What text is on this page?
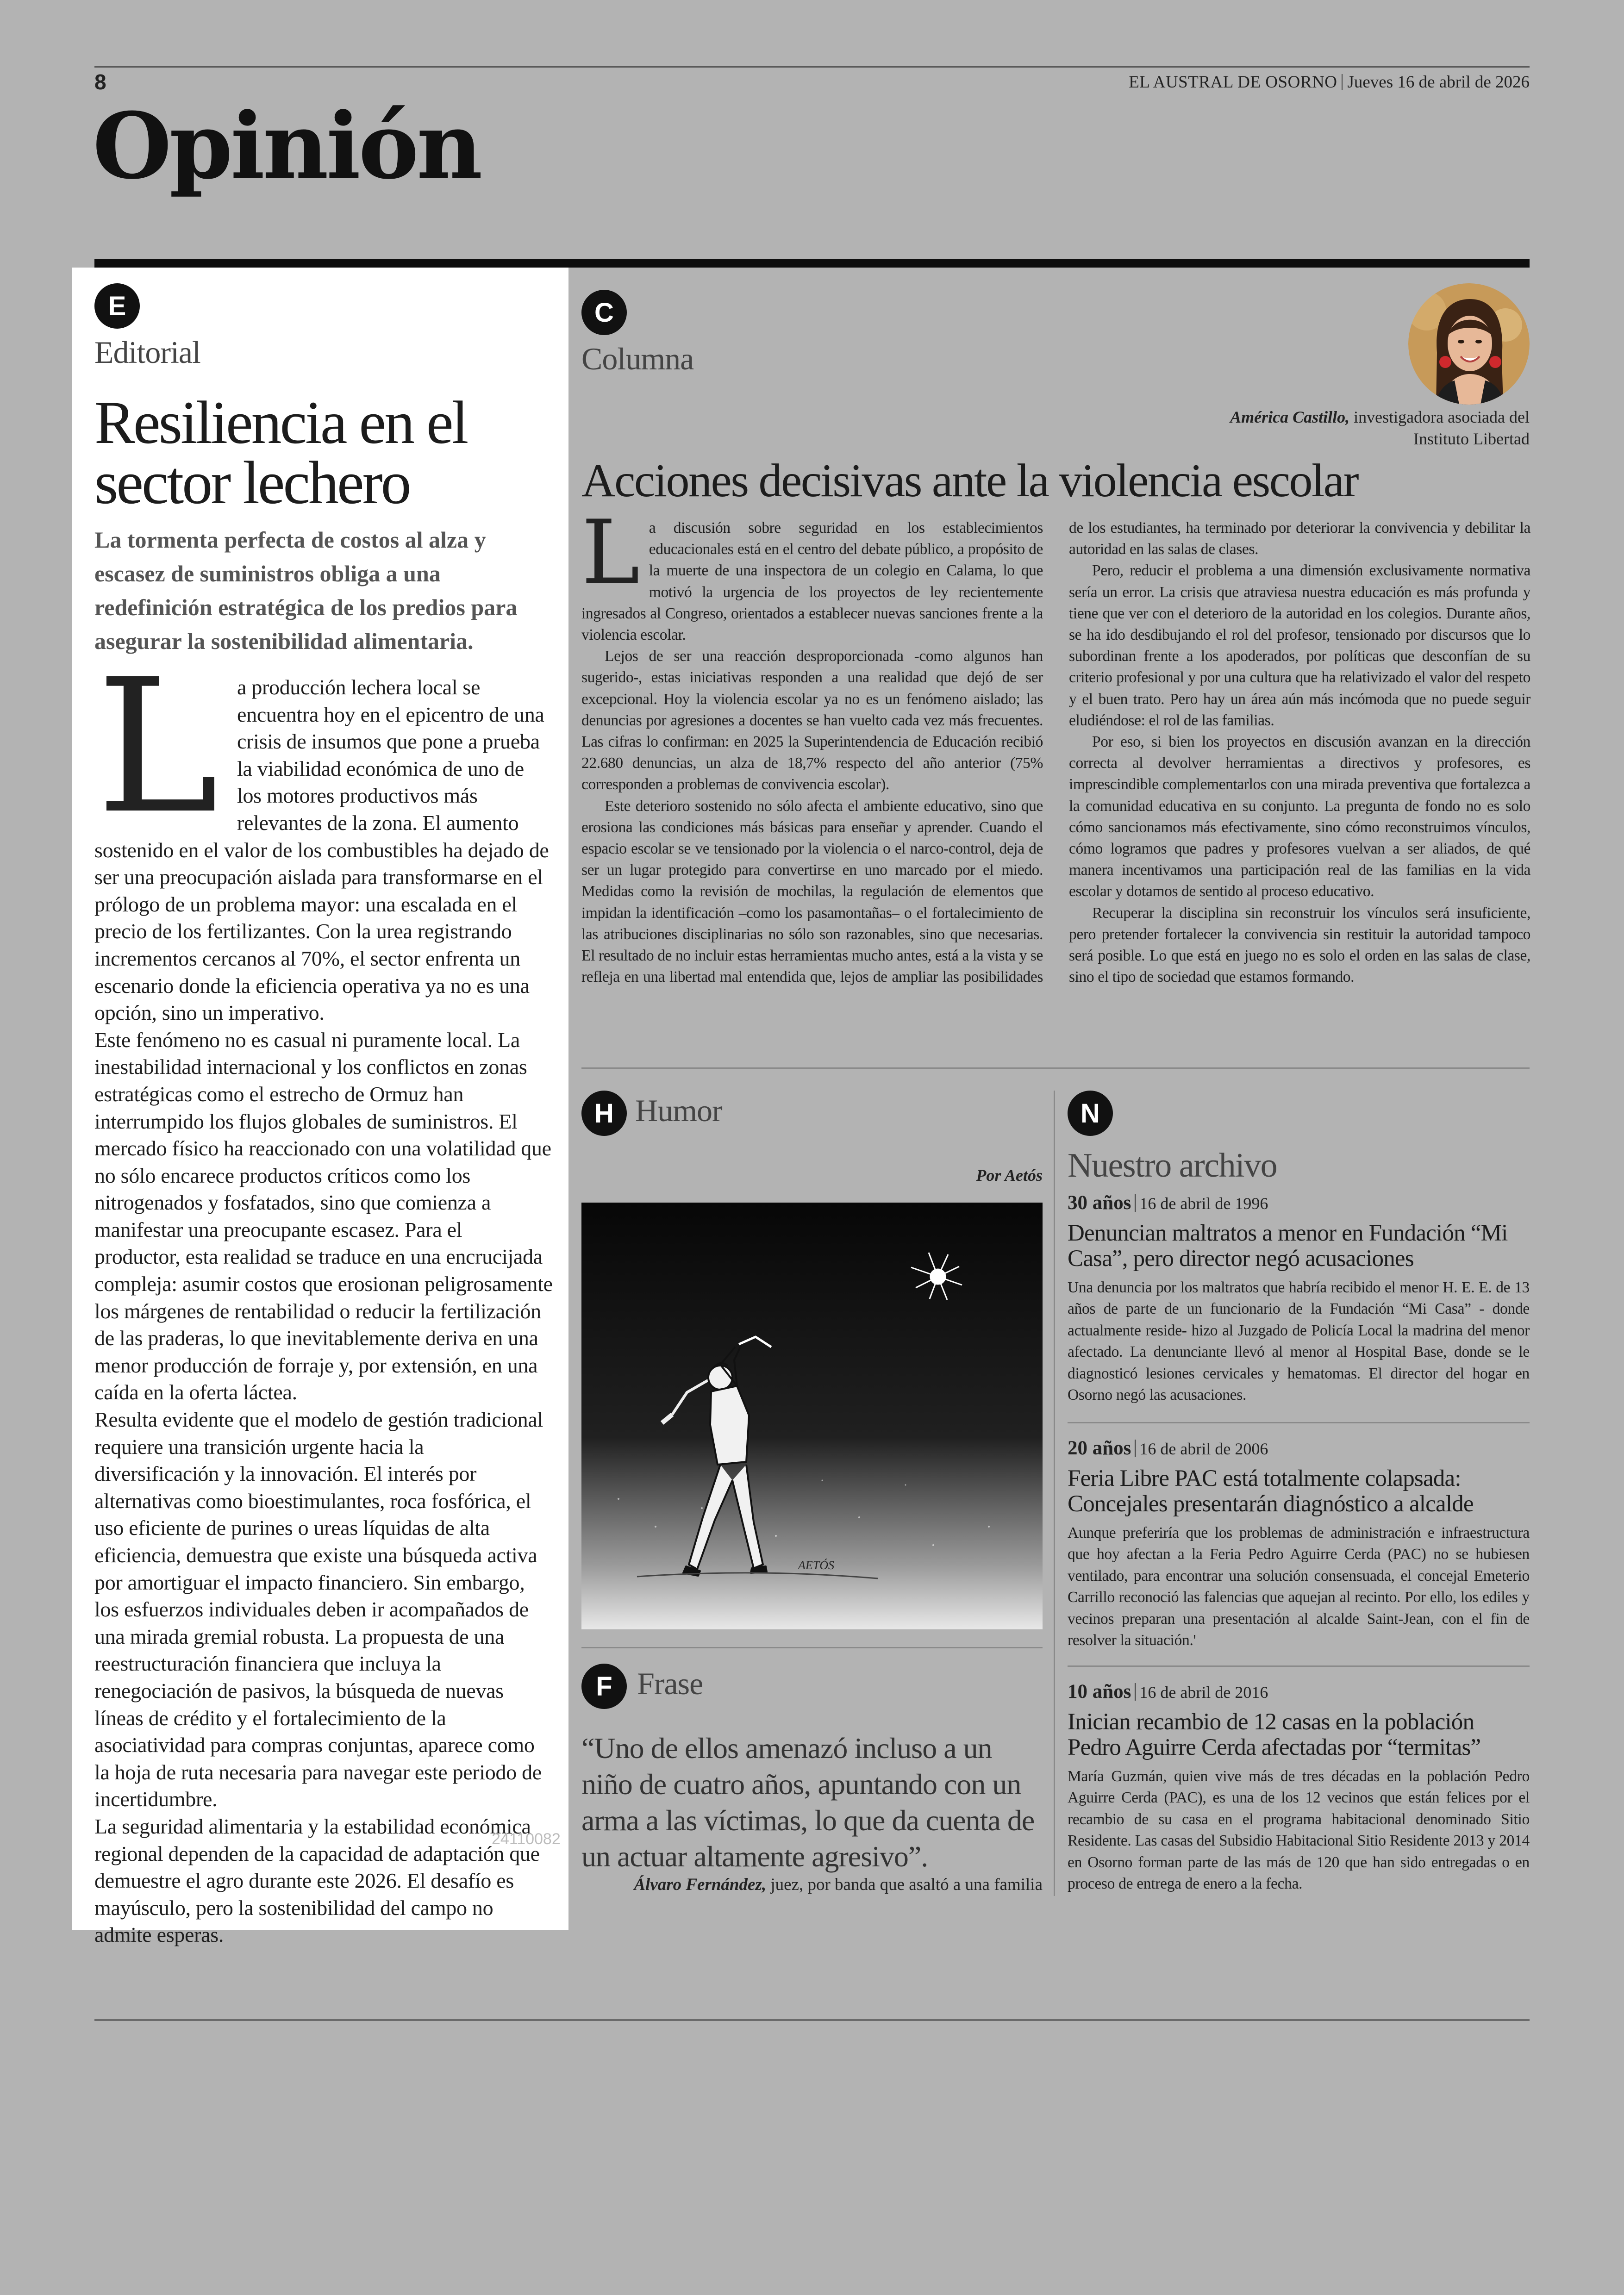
8	EL AUSTRAL DE OSORNO Jueves 16 de abril de 2026
Opinión
E
Editorial
Resiliencia en el
sector lechero
La tormenta perfecta de costos al alza y escasez de suministros obliga a una redefinición estratégica de los predios para asegurar la sostenibilidad alimentaria.

La producción lechera local se encuentra hoy en el epicentro de una crisis de insumos que pone a prueba la viabilidad económica de uno de los motores productivos más relevantes de la zona. El aumento sostenido en el valor de los combustibles ha dejado de ser una preocupación aislada para transformarse en el prólogo de un problema mayor: una escalada en el precio de los fertilizantes. Con la urea registrando incrementos cercanos al 70%, el sector enfrenta un escenario donde la eficiencia operativa ya no es una opción, sino un imperativo.

Este fenómeno no es casual ni puramente local. La inestabilidad internacional y los conflictos en zonas estratégicas como el estrecho de Ormuz han interrumpido los flujos globales de suministros. El mercado físico ha reaccionado con una volatilidad que no sólo encarece productos críticos como los nitrogenados y fosfatados, sino que comienza a manifestar una preocupante escasez. Para el productor, esta realidad se traduce en una encrucijada compleja: asumir costos que erosionan peligrosamente los márgenes de rentabilidad o reducir la fertilización de las praderas, lo que inevitablemente deriva en una menor producción de forraje y, por extensión, en una caída en la oferta láctea.

Resulta evidente que el modelo de gestión tradicional requiere una transición urgente hacia la diversificación y la innovación. El interés por alternativas como bioestimulantes, roca fosfórica, el uso eficiente de purines o ureas líquidas de alta eficiencia, demuestra que existe una búsqueda activa por amortiguar el impacto financiero. Sin embargo, los esfuerzos individuales deben ir acompañados de una mirada gremial robusta. La propuesta de una reestructuración financiera que incluya la renegociación de pasivos, la búsqueda de nuevas líneas de crédito y el fortalecimiento de la asociatividad para compras conjuntas, aparece como la hoja de ruta necesaria para navegar este periodo de incertidumbre.

La seguridad alimentaria y la estabilidad económica regional dependen de la capacidad de adaptación que demuestre el agro durante este 2026. El desafío es mayúsculo, pero la sostenibilidad del campo no admite esperas.

24110082
C
Columna
América Castillo, investigadora asociada del Instituto Libertad
Acciones decisivas ante la violencia escolar

La discusión sobre seguridad en los establecimientos educacionales está en el centro del debate público, a propósito de la muerte de una inspectora de un colegio en Calama, lo que motivó la urgencia de los proyectos de ley recientemente ingresados al Congreso, orientados a establecer nuevas sanciones frente a la violencia escolar.

Lejos de ser una reacción desproporcionada -como algunos han sugerido-, estas iniciativas responden a una realidad que dejó de ser excepcional. Hoy la violencia escolar ya no es un fenómeno aislado; las denuncias por agresiones a docentes se han vuelto cada vez más frecuentes. Las cifras lo confirman: en 2025 la Superintendencia de Educación recibió 22.680 denuncias, un alza de 18,7% respecto del año anterior (75% corresponden a problemas de convivencia escolar).

Este deterioro sostenido no sólo afecta el ambiente educativo, sino que erosiona las condiciones más básicas para enseñar y aprender. Cuando el espacio escolar se ve tensionado por la violencia o el narco-control, deja de ser un lugar protegido para convertirse en uno marcado por el miedo. Medidas como la revisión de mochilas, la regulación de elementos que impidan la identificación –como los pasamontañas– o el fortalecimiento de las atribuciones disciplinarias no sólo son razonables, sino que necesarias. El resultado de no incluir estas herramientas mucho antes, está a la vista y se refleja en una libertad mal entendida que, lejos de ampliar las posibilidades de los estudiantes, ha terminado por deteriorar la convivencia y debilitar la autoridad en las salas de clases.

Pero, reducir el problema a una dimensión exclusivamente normativa sería un error. La crisis que atraviesa nuestra educación es más profunda y tiene que ver con el deterioro de la autoridad en los colegios. Durante años, se ha ido desdibujando el rol del profesor, tensionado por discursos que lo subordinan frente a los apoderados, por políticas que desconfían de su criterio profesional y por una cultura que ha relativizado el valor del respeto y el buen trato. Pero hay un área aún más incómoda que no puede seguir eludiéndose: el rol de las familias.

Por eso, si bien los proyectos en discusión avanzan en la dirección correcta al devolver herramientas a directivos y profesores, es imprescindible complementarlos con una mirada preventiva que fortalezca a la comunidad educativa en su conjunto. La pregunta de fondo no es solo cómo sancionamos más efectivamente, sino cómo reconstruimos vínculos, cómo logramos que padres y profesores vuelvan a ser aliados, de qué manera incentivamos una participación real de las familias en la vida escolar y dotamos de sentido al proceso educativo.

Recuperar la disciplina sin reconstruir los vínculos será insuficiente, pero pretender fortalecer la convivencia sin restituir la autoridad tampoco será posible. Lo que está en juego no es solo el orden en las salas de clase, sino el tipo de sociedad que estamos formando.

H Humor
Por Aetós
AETÓS
F Frase
“Uno de ellos amenazó incluso a un niño de cuatro años, apuntando con un arma a las víctimas, lo que da cuenta de un actuar altamente agresivo”.
Álvaro Fernández, juez, por banda que asaltó a una familia
N
Nuestro archivo
30 años 16 de abril de 1996
Denuncian maltratos a menor en Fundación “Mi Casa”, pero director negó acusaciones
Una denuncia por los maltratos que habría recibido el menor H. E. E. de 13 años de parte de un funcionario de la Fundación “Mi Casa” - donde actualmente reside- hizo al Juzgado de Policía Local la madrina del menor afectado. La denunciante llevó al menor al Hospital Base, donde se le diagnosticó lesiones cervicales y hematomas. El director del hogar en Osorno negó las acusaciones.
20 años 16 de abril de 2006
Feria Libre PAC está totalmente colapsada: Concejales presentarán diagnóstico a alcalde
Aunque preferiría que los problemas de administración e infraestructura que hoy afectan a la Feria Pedro Aguirre Cerda (PAC) no se hubiesen ventilado, para encontrar una solución consensuada, el concejal Emeterio Carrillo reconoció las falencias que aquejan al recinto. Por ello, los ediles y vecinos preparan una presentación al alcalde Saint-Jean, con el fin de resolver la situación.'
10 años 16 de abril de 2016
Inician recambio de 12 casas en la población Pedro Aguirre Cerda afectadas por “termitas”
María Guzmán, quien vive más de tres décadas en la población Pedro Aguirre Cerda (PAC), es una de los 12 vecinos que están felices por el recambio de su casa en el programa habitacional denominado Sitio Residente. Las casas del Subsidio Habitacional Sitio Residente 2013 y 2014 en Osorno forman parte de las más de 120 que han sido entregadas o en proceso de entrega de enero a la fecha.
